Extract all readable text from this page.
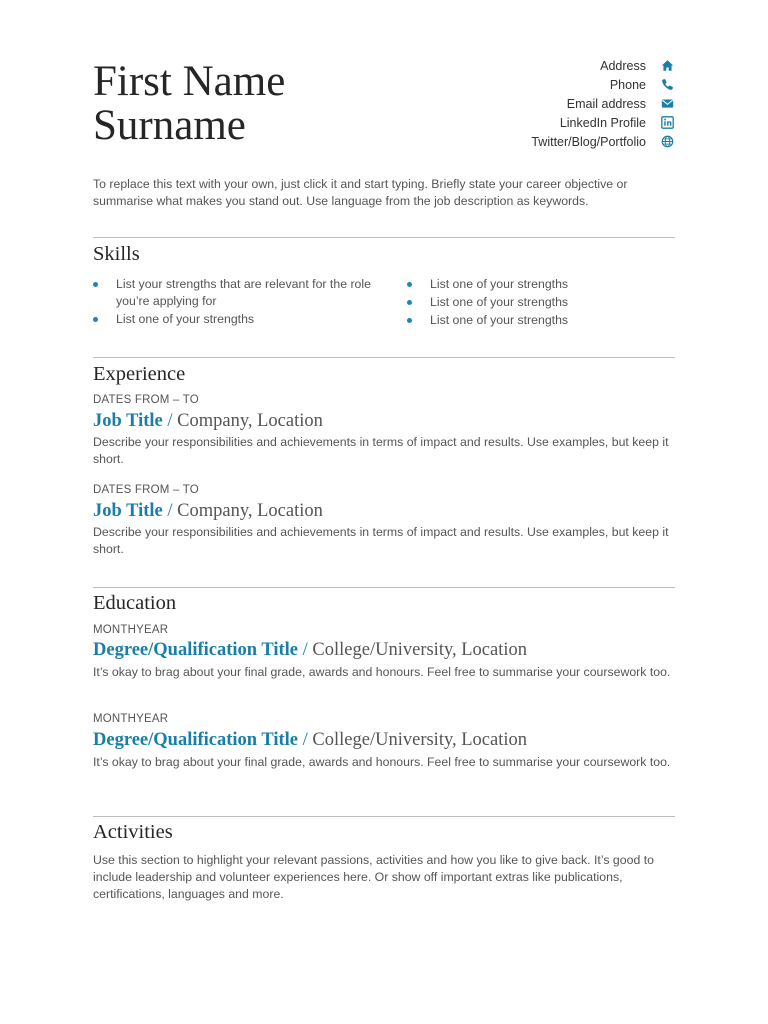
First Name
Surname
Address
Phone
Email address
LinkedIn Profile
Twitter/Blog/Portfolio

To replace this text with your own, just click it and start typing. Briefly state your career objective or summarise what makes you stand out. Use language from the job description as keywords.

Skills
List your strengths that are relevant for the role you’re applying for
List one of your strengths
List one of your strengths
List one of your strengths
List one of your strengths
Experience
DATES FROM – TO
Job Title / Company, Location

Describe your responsibilities and achievements in terms of impact and results. Use examples, but keep it short.

DATES FROM – TO
Job Title / Company, Location

Describe your responsibilities and achievements in terms of impact and results. Use examples, but keep it short.

Education
MONTHYEAR
Degree/Qualification Title / College/University, Location

It’s okay to brag about your final grade, awards and honours. Feel free to summarise your coursework too.

MONTHYEAR
Degree/Qualification Title / College/University, Location

It’s okay to brag about your final grade, awards and honours. Feel free to summarise your coursework too.

Activities

Use this section to highlight your relevant passions, activities and how you like to give back. It’s good to include leadership and volunteer experiences here. Or show off important extras like publications, certifications, languages and more.
